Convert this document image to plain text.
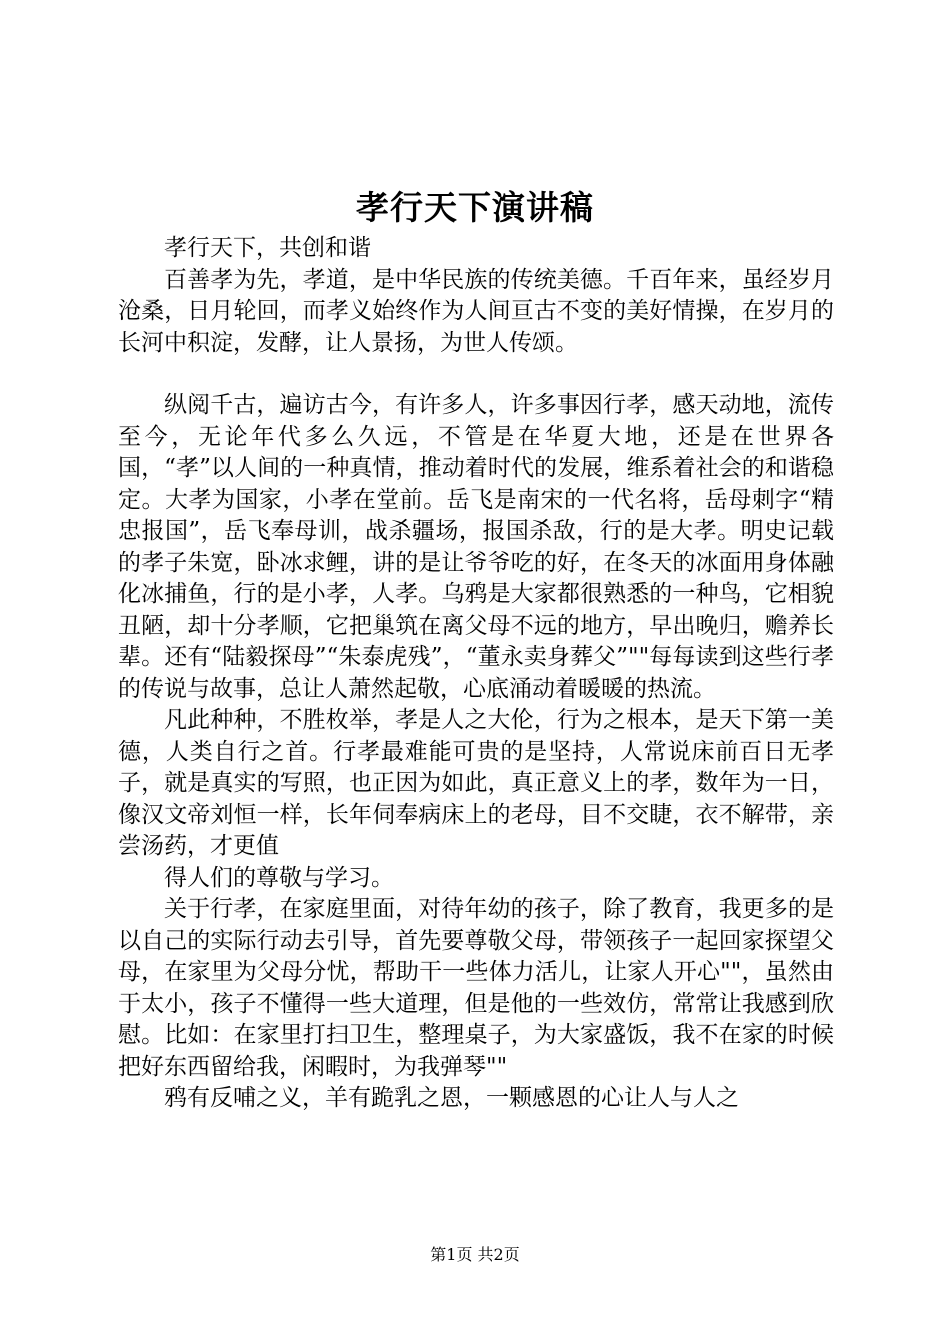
孝行天下演讲稿

孝行天下，共创和谐

百善孝为先，孝道，是中华民族的传统美德。千百年来，虽经岁月沧桑，日月轮回，而孝义始终作为人间亘古不变的美好情操，在岁月的长河中积淀，发酵，让人景扬，为世人传颂。

纵阅千古，遍访古今，有许多人，许多事因行孝，感天动地，流传至今，无论年代多么久远，不管是在华夏大地，还是在世界各国，“孝”以人间的一种真情，推动着时代的发展，维系着社会的和谐稳定。大孝为国家，小孝在堂前。岳飞是南宋的一代名将，岳母刺字“精忠报国”，岳飞奉母训，战杀疆场，报国杀敌，行的是大孝。明史记载的孝子朱宽，卧冰求鲤，讲的是让爷爷吃的好，在冬天的冰面用身体融化冰捕鱼，行的是小孝，人孝。乌鸦是大家都很熟悉的一种鸟，它相貌丑陋，却十分孝顺，它把巢筑在离父母不远的地方，早出晚归，赡养长辈。还有“陆毅探母”“朱泰虎残”，“董永卖身葬父”""每每读到这些行孝的传说与故事，总让人萧然起敬，心底涌动着暖暖的热流。

凡此种种，不胜枚举，孝是人之大伦，行为之根本，是天下第一美德，人类自行之首。行孝最难能可贵的是坚持，人常说床前百日无孝子，就是真实的写照，也正因为如此，真正意义上的孝，数年为一日，像汉文帝刘恒一样，长年伺奉病床上的老母，目不交睫，衣不解带，亲尝汤药，才更值

得人们的尊敬与学习。

关于行孝，在家庭里面，对待年幼的孩子，除了教育，我更多的是以自己的实际行动去引导，首先要尊敬父母，带领孩子一起回家探望父母，在家里为父母分忧，帮助干一些体力活儿，让家人开心""，虽然由于太小，孩子不懂得一些大道理，但是他的一些效仿，常常让我感到欣慰。比如：在家里打扫卫生，整理桌子，为大家盛饭，我不在家的时候把好东西留给我，闲暇时，为我弹琴""

鸦有反哺之义，羊有跪乳之恩，一颗感恩的心让人与人之

第1页 共2页
